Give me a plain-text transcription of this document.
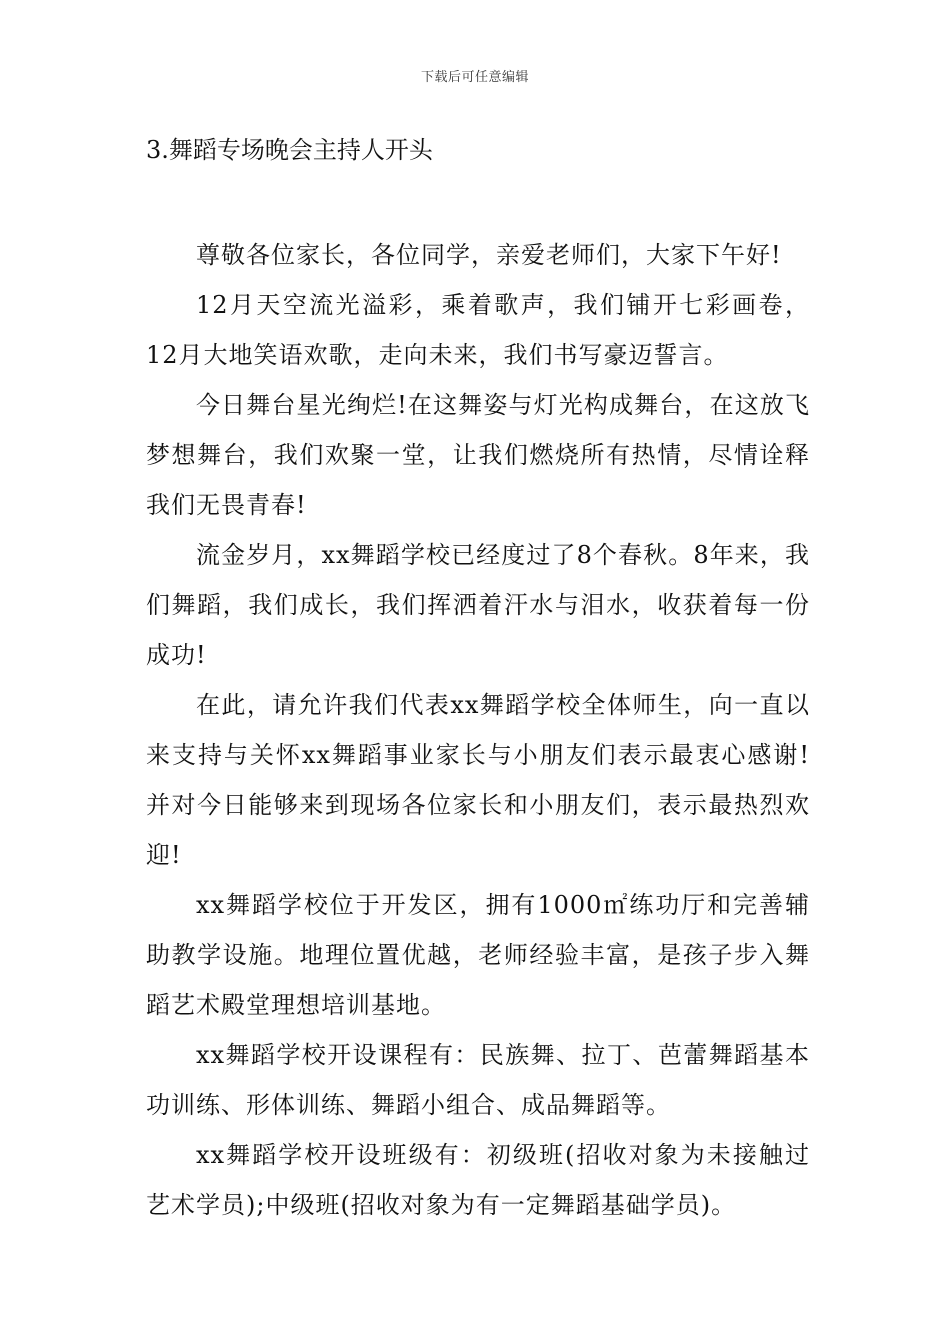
下载后可任意编辑
3.舞蹈专场晚会主持人开头

尊敬各位家长，各位同学，亲爱老师们，大家下午好!

12月天空流光溢彩，乘着歌声，我们铺开七彩画卷，12月大地笑语欢歌，走向未来，我们书写豪迈誓言。

今日舞台星光绚烂!在这舞姿与灯光构成舞台，在这放飞梦想舞台，我们欢聚一堂，让我们燃烧所有热情，尽情诠释我们无畏青春!

流金岁月，xx舞蹈学校已经度过了8个春秋。8年来，我们舞蹈，我们成长，我们挥洒着汗水与泪水，收获着每一份成功!

在此，请允许我们代表xx舞蹈学校全体师生，向一直以来支持与关怀xx舞蹈事业家长与小朋友们表示最衷心感谢!并对今日能够来到现场各位家长和小朋友们，表示最热烈欢迎!

xx舞蹈学校位于开发区，拥有1000㎡练功厅和完善辅助教学设施。地理位置优越，老师经验丰富，是孩子步入舞蹈艺术殿堂理想培训基地。

xx舞蹈学校开设课程有：民族舞、拉丁、芭蕾舞蹈基本功训练、形体训练、舞蹈小组合、成品舞蹈等。

xx舞蹈学校开设班级有：初级班(招收对象为未接触过艺术学员);中级班(招收对象为有一定舞蹈基础学员)。
